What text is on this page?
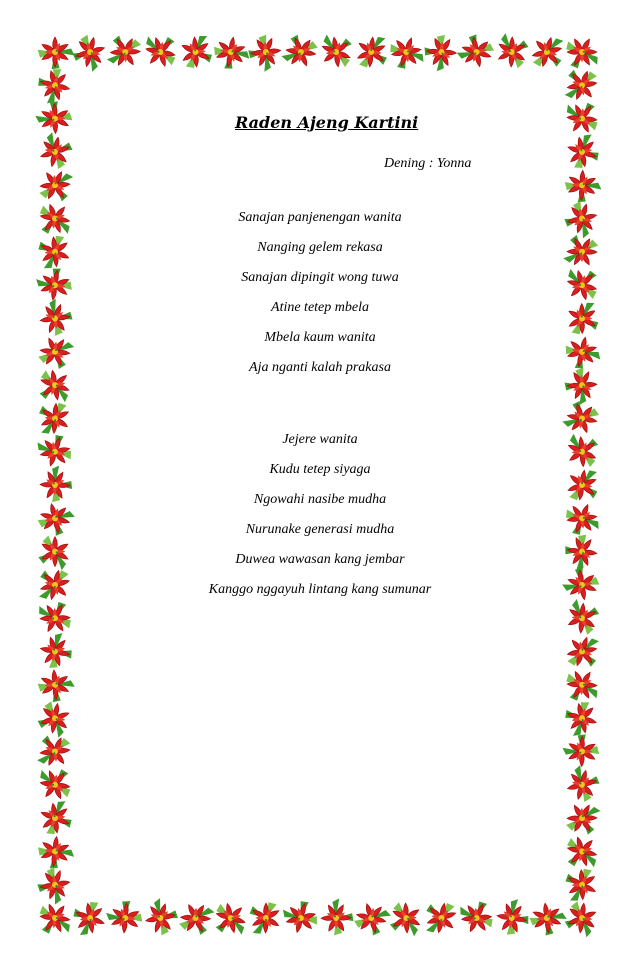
Raden Ajeng Kartini
Dening : Yonna
Sanajan panjenengan wanita
Nanging gelem rekasa
Sanajan dipingit wong tuwa
Atine tetep mbela
Mbela kaum wanita
Aja nganti kalah prakasa
Jejere wanita
Kudu tetep siyaga
Ngowahi nasibe mudha
Nurunake generasi mudha
Duwea wawasan kang jembar
Kanggo nggayuh lintang kang sumunar
